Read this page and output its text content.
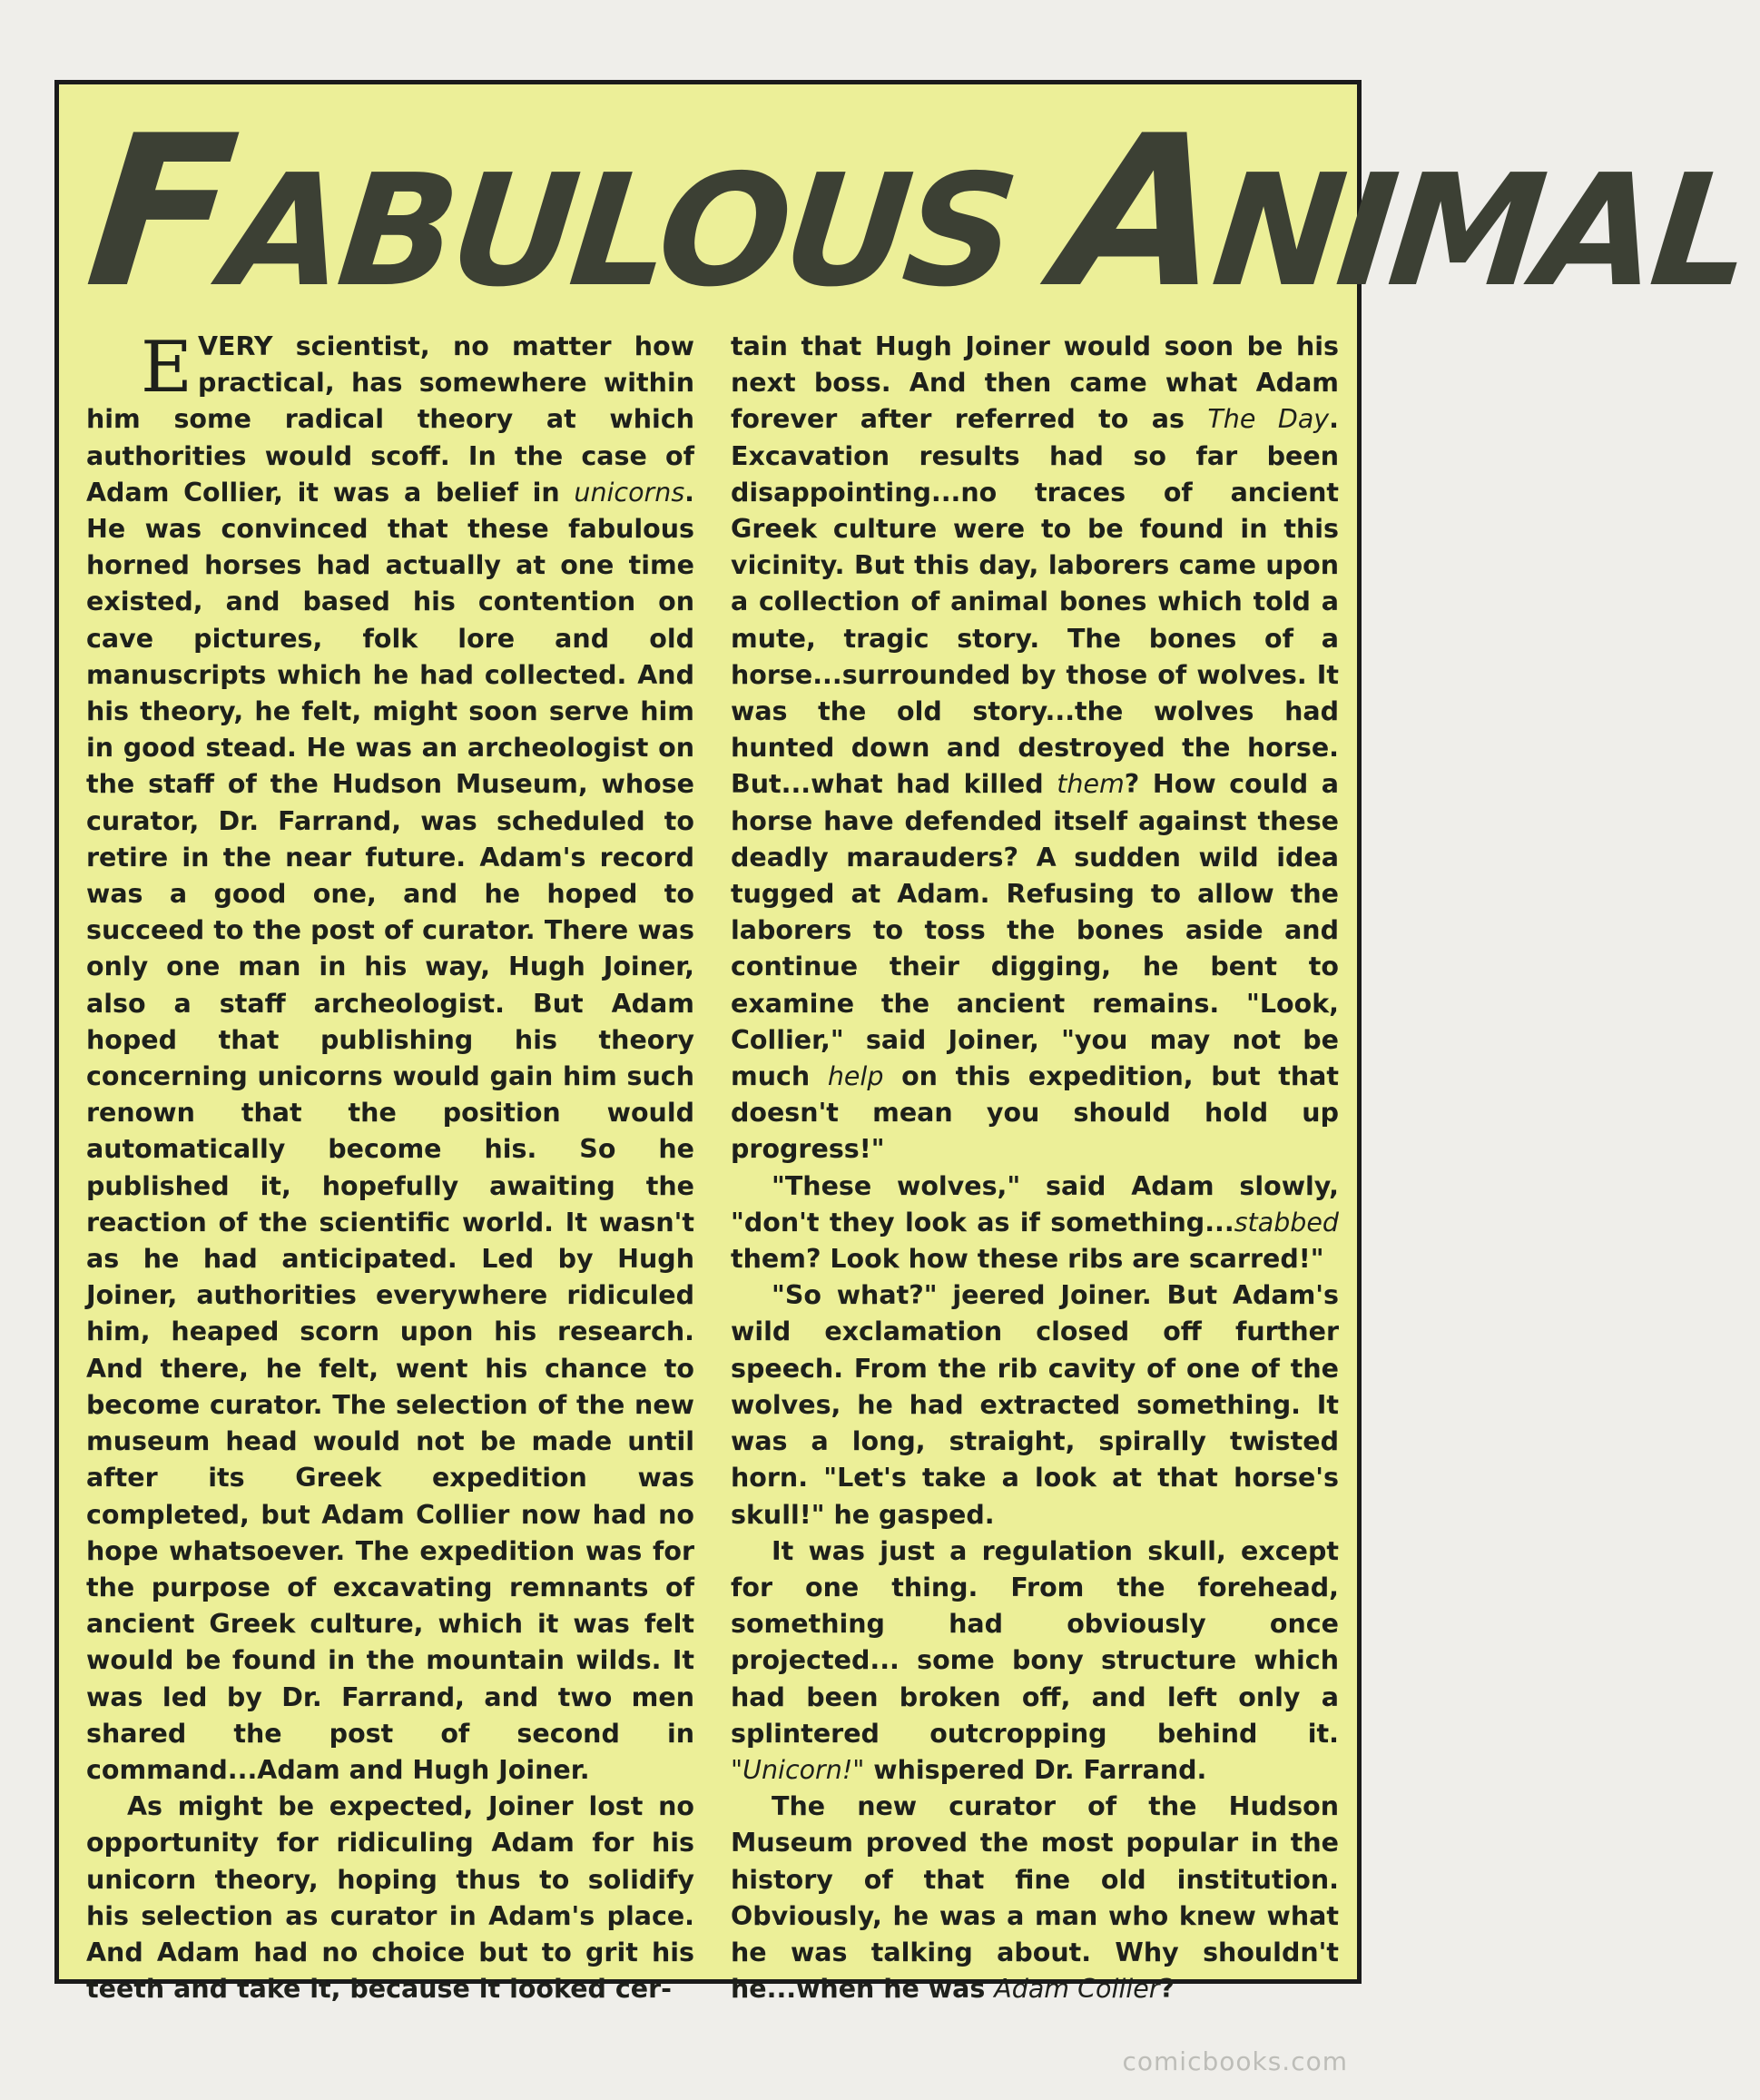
FABULOUS ANIMAL

EVERY scientist, no matter how practical, has somewhere within him some radical theory at which authorities would scoff. In the case of Adam Collier, it was a belief in unicorns. He was convinced that these fabulous horned horses had actually at one time existed, and based his contention on cave pictures, folk lore and old manuscripts which he had collected. And his theory, he felt, might soon serve him in good stead. He was an archeologist on the staff of the Hudson Museum, whose curator, Dr. Farrand, was scheduled to retire in the near future. Adam's record was a good one, and he hoped to succeed to the post of curator. There was only one man in his way, Hugh Joiner, also a staff archeologist. But Adam hoped that publishing his theory concerning unicorns would gain him such renown that the position would automatically become his. So he published it, hopefully awaiting the reaction of the scientific world. It wasn't as he had anticipated. Led by Hugh Joiner, authorities everywhere ridiculed him, heaped scorn upon his research. And there, he felt, went his chance to become curator. The selection of the new museum head would not be made until after its Greek expedition was completed, but Adam Collier now had no hope whatsoever. The expedition was for the purpose of excavating remnants of ancient Greek culture, which it was felt would be found in the mountain wilds. It was led by Dr. Farrand, and two men shared the post of second in command...Adam and Hugh Joiner.

As might be expected, Joiner lost no opportunity for ridiculing Adam for his unicorn theory, hoping thus to solidify his selection as curator in Adam's place. And Adam had no choice but to grit his teeth and take it, because it looked cer-

tain that Hugh Joiner would soon be his next boss. And then came what Adam forever after referred to as The Day. Excavation results had so far been disappointing...no traces of ancient Greek culture were to be found in this vicinity. But this day, laborers came upon a collection of animal bones which told a mute, tragic story. The bones of a horse...surrounded by those of wolves. It was the old story...the wolves had hunted down and destroyed the horse. But...what had killed them? How could a horse have defended itself against these deadly marauders? A sudden wild idea tugged at Adam. Refusing to allow the laborers to toss the bones aside and continue their digging, he bent to examine the ancient remains. "Look, Collier," said Joiner, "you may not be much help on this expedition, but that doesn't mean you should hold up progress!"

"These wolves," said Adam slowly, "don't they look as if something...stabbed them? Look how these ribs are scarred!"

"So what?" jeered Joiner. But Adam's wild exclamation closed off further speech. From the rib cavity of one of the wolves, he had extracted something. It was a long, straight, spirally twisted horn. "Let's take a look at that horse's skull!" he gasped.

It was just a regulation skull, except for one thing. From the forehead, something had obviously once projected... some bony structure which had been broken off, and left only a splintered outcropping behind it. "Unicorn!" whispered Dr. Farrand.

The new curator of the Hudson Museum proved the most popular in the history of that fine old institution. Obviously, he was a man who knew what he was talking about. Why shouldn't he...when he was Adam Collier?

comicbooks.com
